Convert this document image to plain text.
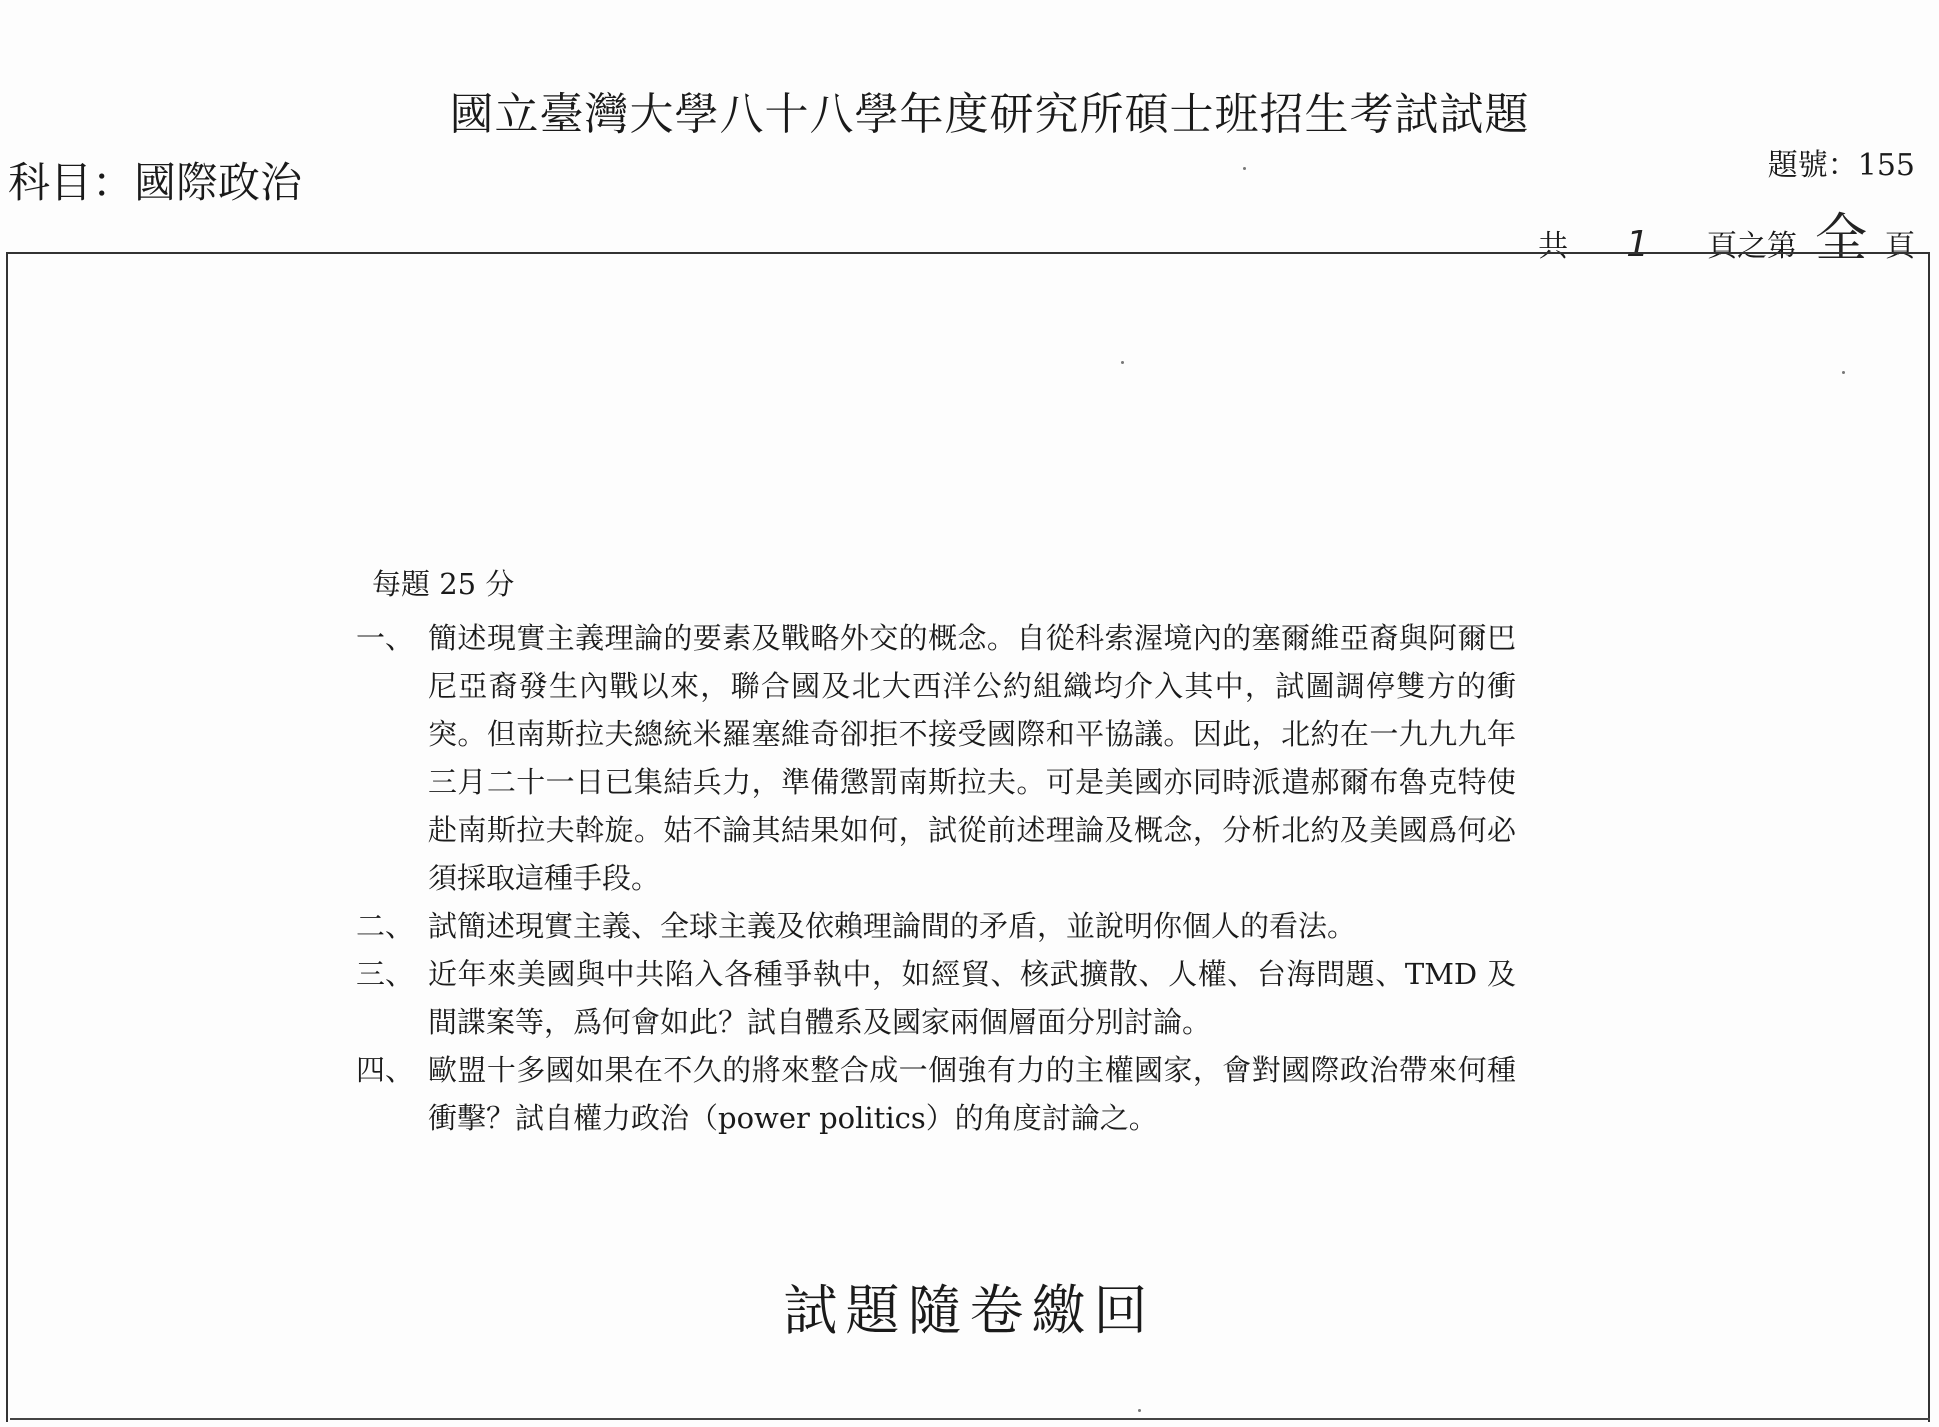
國立臺灣大學八十八學年度研究所碩士班招生考試試題
科目：國際政治	題號：155
共 1 頁之第 全 頁
每題 25 分
一、 簡述現實主義理論的要素及戰略外交的概念。自從科索渥境內的塞爾維亞裔與阿爾巴尼亞裔發生內戰以來，聯合國及北大西洋公約組織均介入其中，試圖調停雙方的衝突。但南斯拉夫總統米羅塞維奇卻拒不接受國際和平協議。因此，北約在一九九九年三月二十一日已集結兵力，準備懲罰南斯拉夫。可是美國亦同時派遣郝爾布魯克特使赴南斯拉夫斡旋。姑不論其結果如何，試從前述理論及概念，分析北約及美國爲何必須採取這種手段。
二、 試簡述現實主義、全球主義及依賴理論間的矛盾，並說明你個人的看法。
三、 近年來美國與中共陷入各種爭執中，如經貿、核武擴散、人權、台海問題、TMD 及間諜案等，爲何會如此？試自體系及國家兩個層面分別討論。
四、 歐盟十多國如果在不久的將來整合成一個強有力的主權國家，會對國際政治帶來何種衝擊？試自權力政治（power politics）的角度討論之。
試題隨卷繳回
